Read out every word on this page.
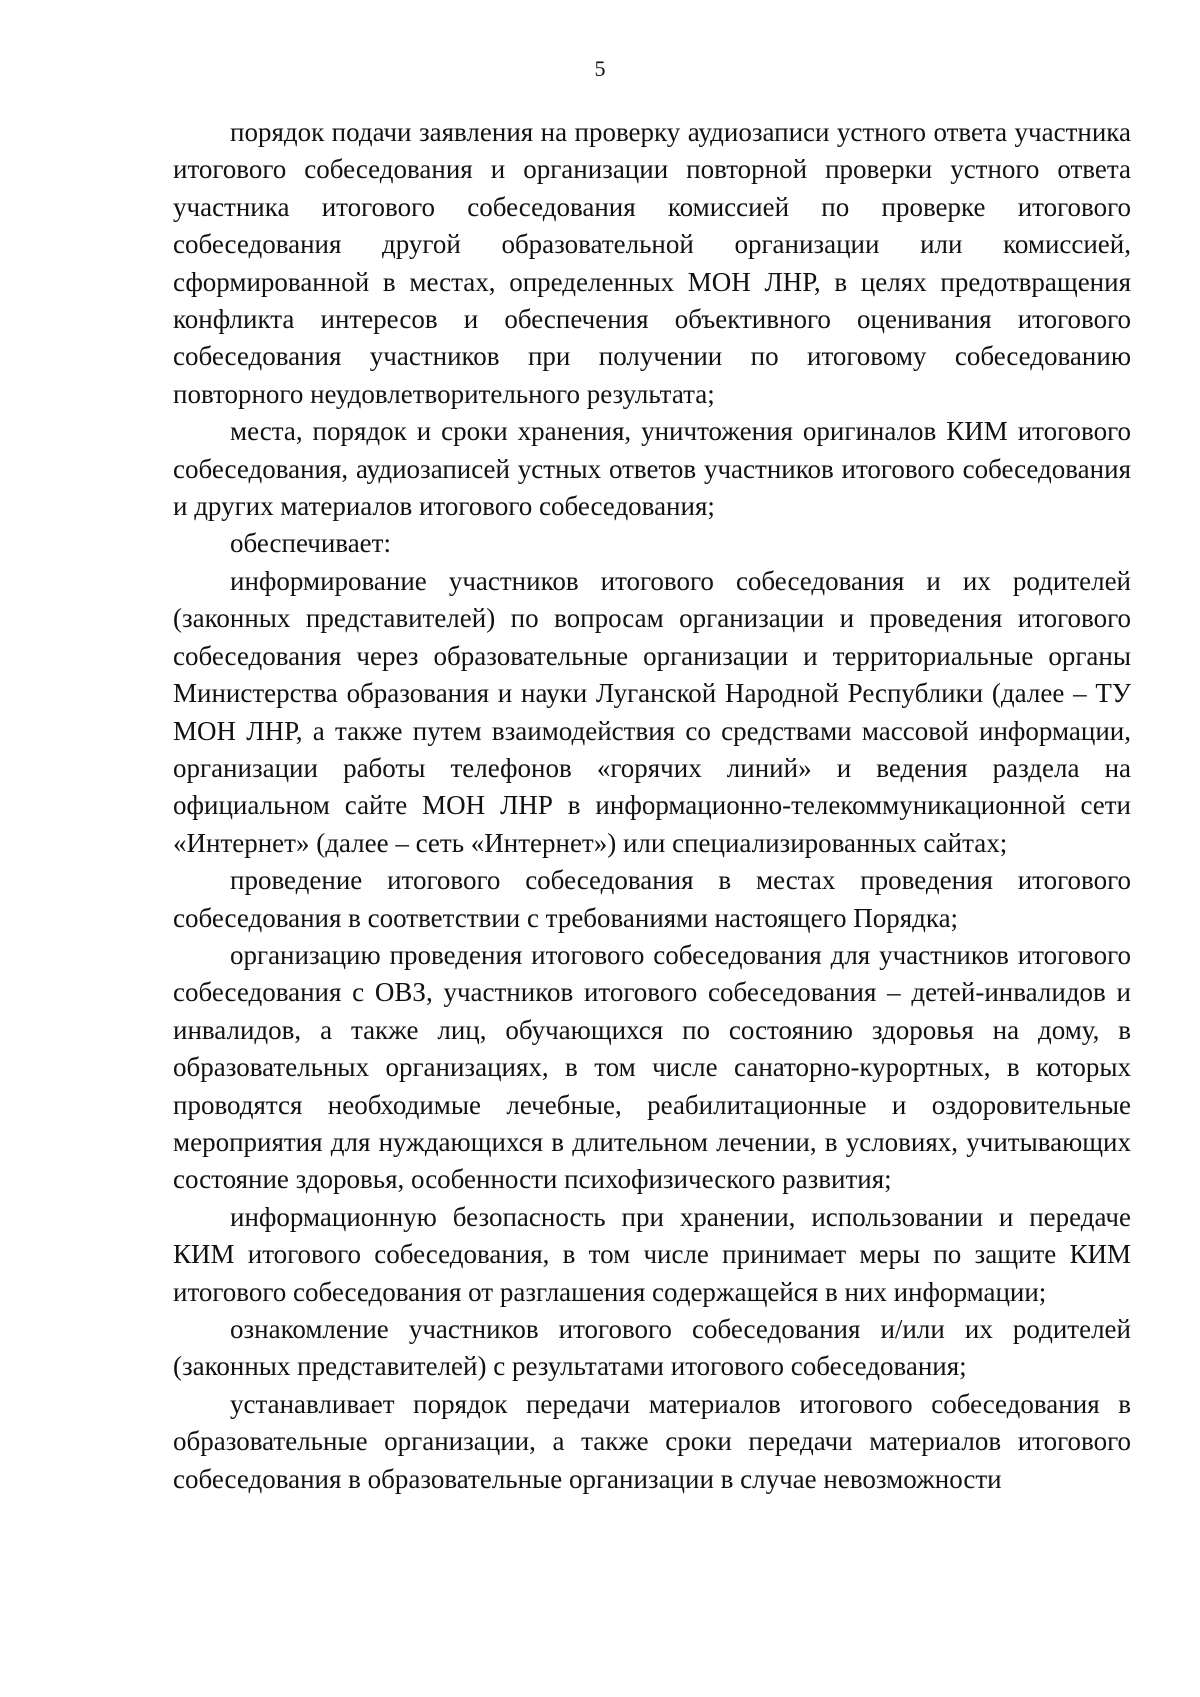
5

порядок подачи заявления на проверку аудиозаписи устного ответа участника итогового собеседования и организации повторной проверки устного ответа участника итогового собеседования комиссией по проверке итогового собеседования другой образовательной организации или комиссией, сформированной в местах, определенных МОН ЛНР, в целях предотвращения конфликта интересов и обеспечения объективного оценивания итогового собеседования участников при получении по итоговому собеседованию повторного неудовлетворительного результата;

места, порядок и сроки хранения, уничтожения оригиналов КИМ итогового собеседования, аудиозаписей устных ответов участников итогового собеседования и других материалов итогового собеседования;

обеспечивает:

информирование участников итогового собеседования и их родителей (законных представителей) по вопросам организации и проведения итогового собеседования через образовательные организации и территориальные органы Министерства образования и науки Луганской Народной Республики (далее – ТУ МОН ЛНР, а также путем взаимодействия со средствами массовой информации, организации работы телефонов «горячих линий» и ведения раздела на официальном сайте МОН ЛНР в информационно-телекоммуникационной сети «Интернет» (далее – сеть «Интернет») или специализированных сайтах;

проведение итогового собеседования в местах проведения итогового собеседования в соответствии с требованиями настоящего Порядка;

организацию проведения итогового собеседования для участников итогового собеседования с ОВЗ, участников итогового собеседования – детей-инвалидов и инвалидов, а также лиц, обучающихся по состоянию здоровья на дому, в образовательных организациях, в том числе санаторно-курортных, в которых проводятся необходимые лечебные, реабилитационные и оздоровительные мероприятия для нуждающихся в длительном лечении, в условиях, учитывающих состояние здоровья, особенности психофизического развития;

информационную безопасность при хранении, использовании и передаче КИМ итогового собеседования, в том числе принимает меры по защите КИМ итогового собеседования от разглашения содержащейся в них информации;

ознакомление участников итогового собеседования и/или их родителей (законных представителей) с результатами итогового собеседования;

устанавливает порядок передачи материалов итогового собеседования в образовательные организации, а также сроки передачи материалов итогового собеседования в образовательные организации в случае невозможности
